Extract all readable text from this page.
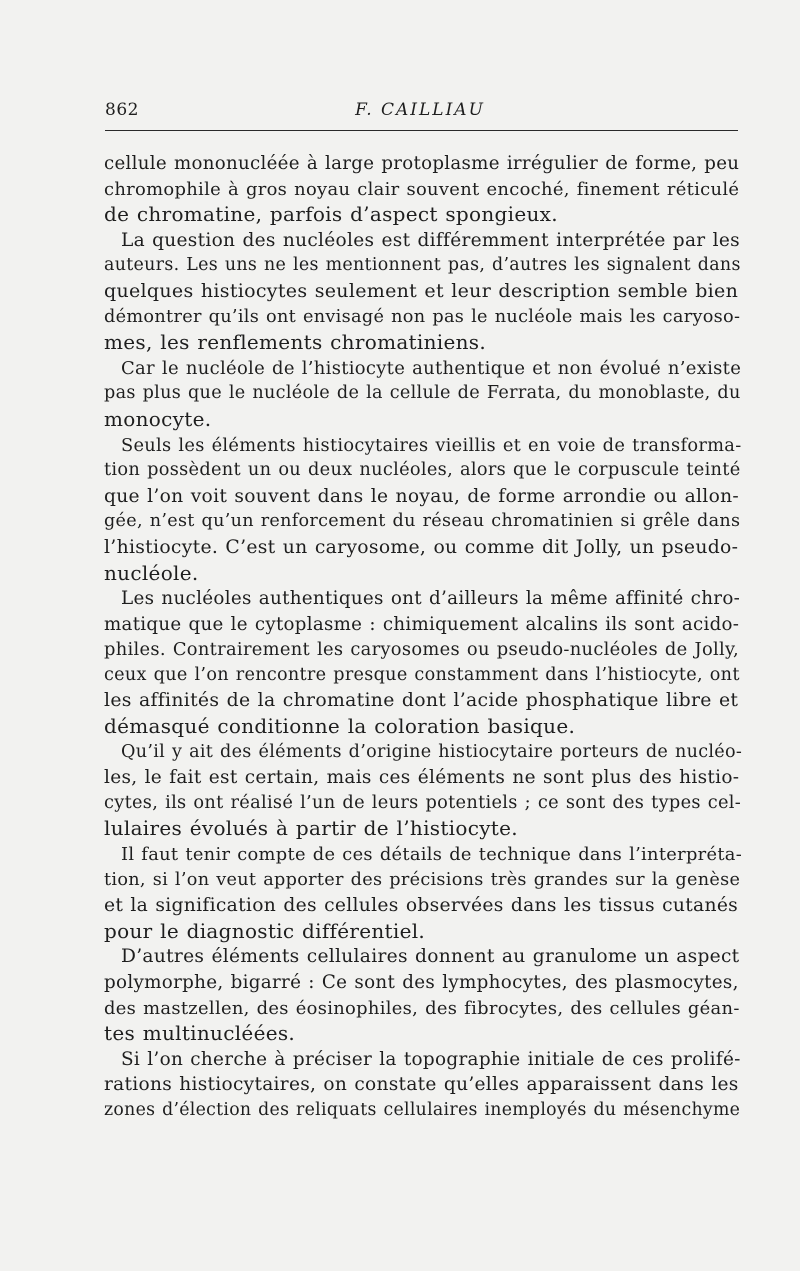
862	F. CAILLIAU
cellule mononucléée à large protoplasme irrégulier de forme, peu
chromophile à gros noyau clair souvent encoché, finement réticulé
de chromatine, parfois d’aspect spongieux.
La question des nucléoles est différemment interprétée par les
auteurs. Les uns ne les mentionnent pas, d’autres les signalent dans
quelques histiocytes seulement et leur description semble bien
démontrer qu’ils ont envisagé non pas le nucléole mais les caryoso-
mes, les renflements chromatiniens.
Car le nucléole de l’histiocyte authentique et non évolué n’existe
pas plus que le nucléole de la cellule de Ferrata, du monoblaste, du
monocyte.
Seuls les éléments histiocytaires vieillis et en voie de transforma-
tion possèdent un ou deux nucléoles, alors que le corpuscule teinté
que l’on voit souvent dans le noyau, de forme arrondie ou allon-
gée, n’est qu’un renforcement du réseau chromatinien si grêle dans
l’histiocyte. C’est un caryosome, ou comme dit Jolly, un pseudo-
nucléole.
Les nucléoles authentiques ont d’ailleurs la même affinité chro-
matique que le cytoplasme : chimiquement alcalins ils sont acido-
philes. Contrairement les caryosomes ou pseudo-nucléoles de Jolly,
ceux que l’on rencontre presque constamment dans l’histiocyte, ont
les affinités de la chromatine dont l’acide phosphatique libre et
démasqué conditionne la coloration basique.
Qu’il y ait des éléments d’origine histiocytaire porteurs de nucléo-
les, le fait est certain, mais ces éléments ne sont plus des histio-
cytes, ils ont réalisé l’un de leurs potentiels ; ce sont des types cel-
lulaires évolués à partir de l’histiocyte.
Il faut tenir compte de ces détails de technique dans l’interpréta-
tion, si l’on veut apporter des précisions très grandes sur la genèse
et la signification des cellules observées dans les tissus cutanés
pour le diagnostic différentiel.
D’autres éléments cellulaires donnent au granulome un aspect
polymorphe, bigarré : Ce sont des lymphocytes, des plasmocytes,
des mastzellen, des éosinophiles, des fibrocytes, des cellules géan-
tes multinucléées.
Si l’on cherche à préciser la topographie initiale de ces prolifé-
rations histiocytaires, on constate qu’elles apparaissent dans les
zones d’élection des reliquats cellulaires inemployés du mésenchyme
